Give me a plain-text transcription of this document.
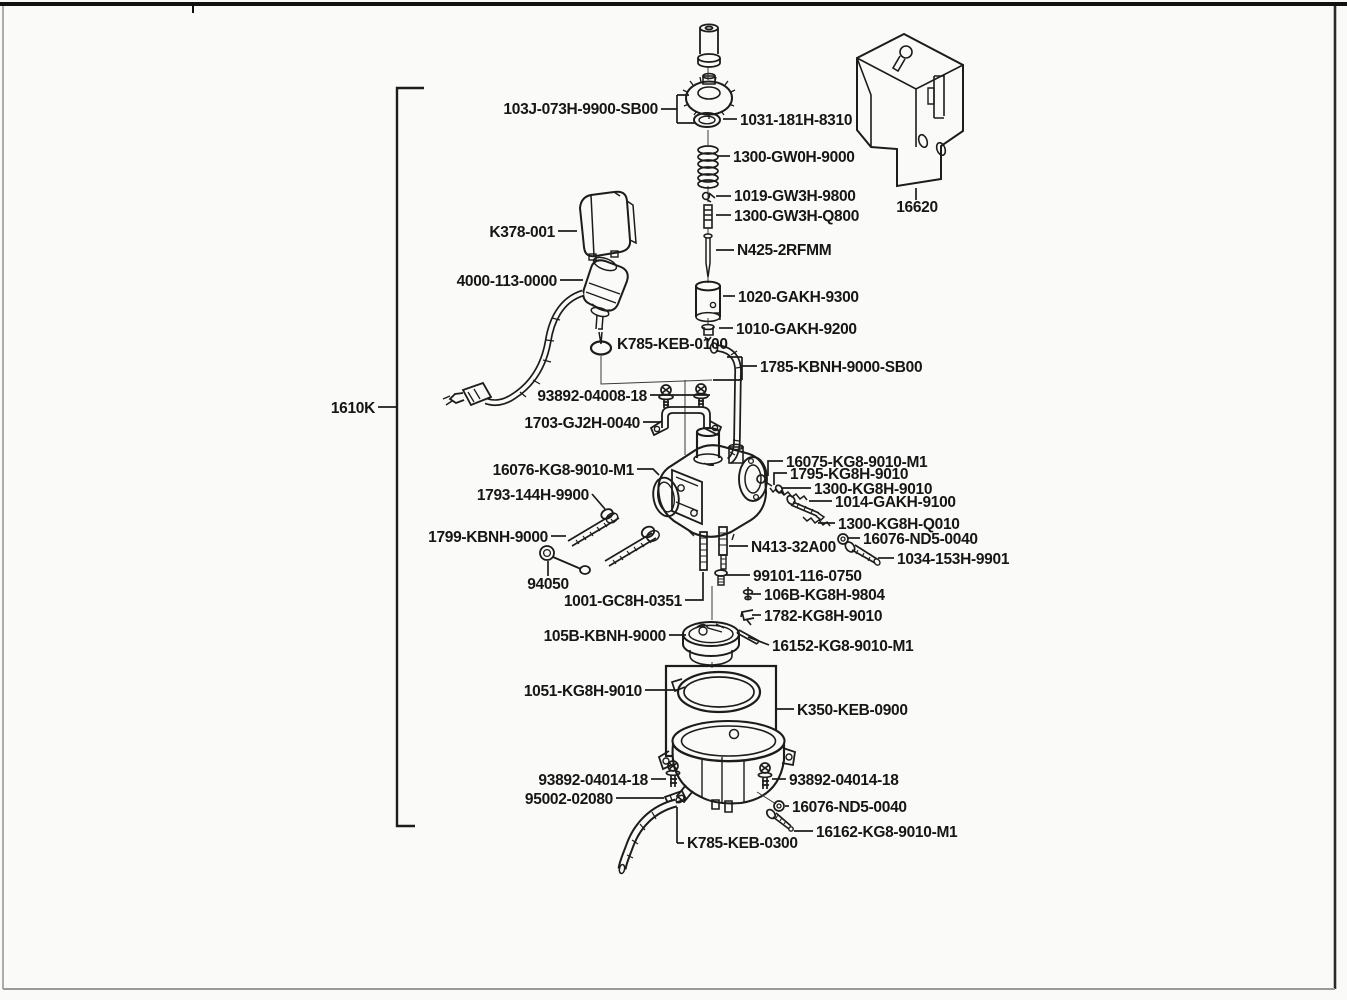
103J-073H-9900-SB00
1031-181H-8310
1300-GW0H-9000
1019-GW3H-9800
1300-GW3H-Q800
N425-2RFMM
K378-001
4000-113-0000
1020-GAKH-9300
1010-GAKH-9200
K785-KEB-0100
1785-KBNH-9000-SB00
93892-04008-18
1703-GJ2H-0040
1610K
16620
16076-KG8-9010-M1	16075-KG8-9010-M1
1795-KG8H-9010
1300-KG8H-9010
1014-GAKH-9100
1300-KG8H-Q010
16076-ND5-0040
1034-153H-9901
1793-144H-9900
1799-KBNH-9000
N413-32A00
94050	99101-116-0750
1001-GC8H-0351	106B-KG8H-9804
1782-KG8H-9010
105B-KBNH-9000
16152-KG8-9010-M1
1051-KG8H-9010
K350-KEB-0900
93892-04014-18	93892-04014-18
95002-02080	16076-ND5-0040
16162-KG8-9010-M1
K785-KEB-0300
